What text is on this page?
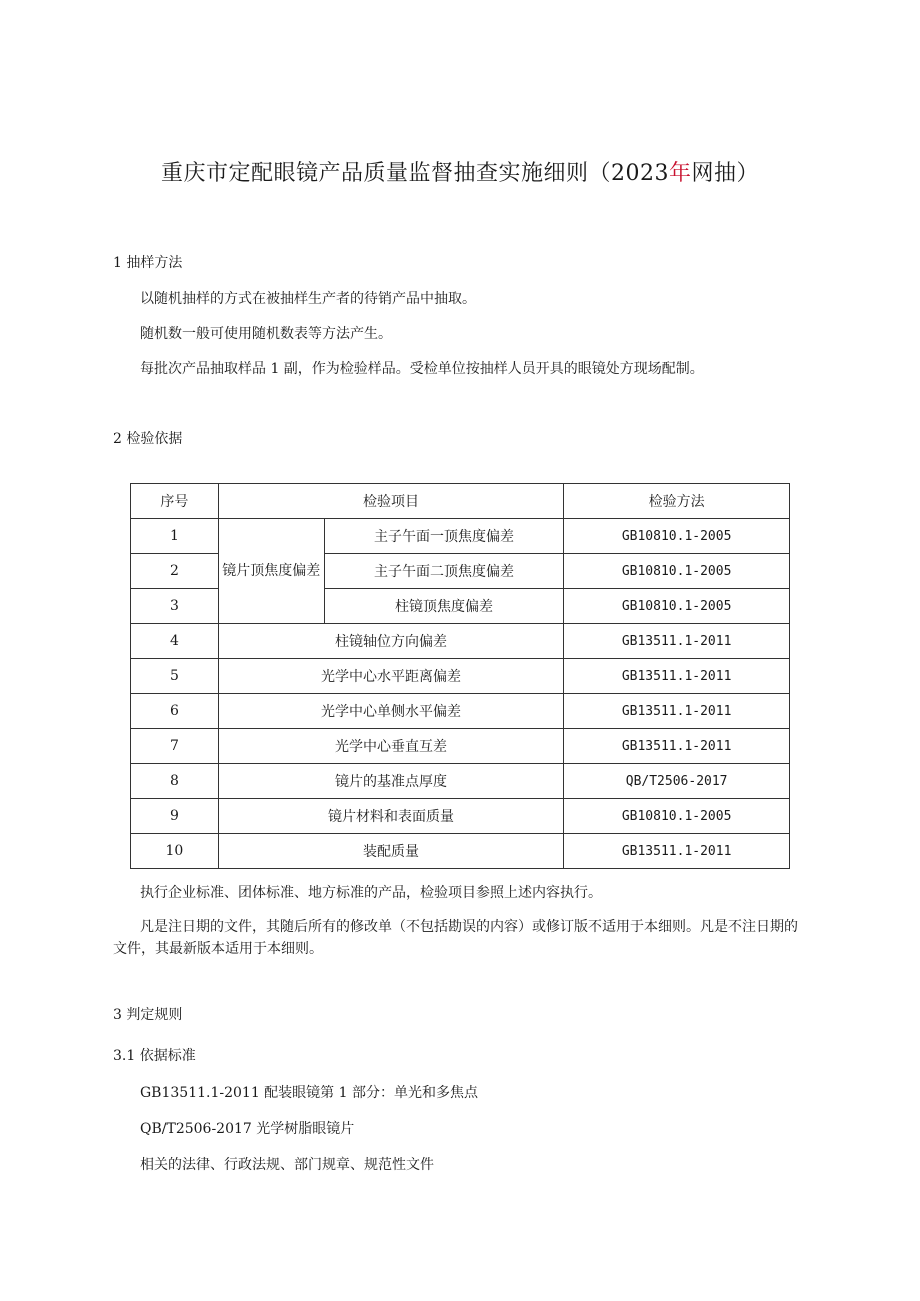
重庆市定配眼镜产品质量监督抽查实施细则（2023年网抽）
1 抽样方法
以随机抽样的方式在被抽样生产者的待销产品中抽取。
随机数一般可使用随机数表等方法产生。
每批次产品抽取样品 1 副，作为检验样品。受检单位按抽样人员开具的眼镜处方现场配制。
2 检验依据
序号	检验项目		检验方法
1	镜片顶焦度偏差	主子午面一顶焦度偏差	GB10810.1-2005
2		主子午面二顶焦度偏差	GB10810.1-2005
3		柱镜顶焦度偏差	GB10810.1-2005
4	柱镜轴位方向偏差		GB13511.1-2011
5	光学中心水平距离偏差		GB13511.1-2011
6	光学中心单侧水平偏差		GB13511.1-2011
7	光学中心垂直互差		GB13511.1-2011
8	镜片的基准点厚度		QB/T2506-2017
9	镜片材料和表面质量		GB10810.1-2005
10	装配质量		GB13511.1-2011
执行企业标准、团体标准、地方标准的产品，检验项目参照上述内容执行。
凡是注日期的文件，其随后所有的修改单（不包括勘误的内容）或修订版不适用于本细则。凡是不注日期的文件，其最新版本适用于本细则。
3 判定规则
3.1 依据标准
GB13511.1-2011 配装眼镜第 1 部分：单光和多焦点
QB/T2506-2017 光学树脂眼镜片
相关的法律、行政法规、部门规章、规范性文件
